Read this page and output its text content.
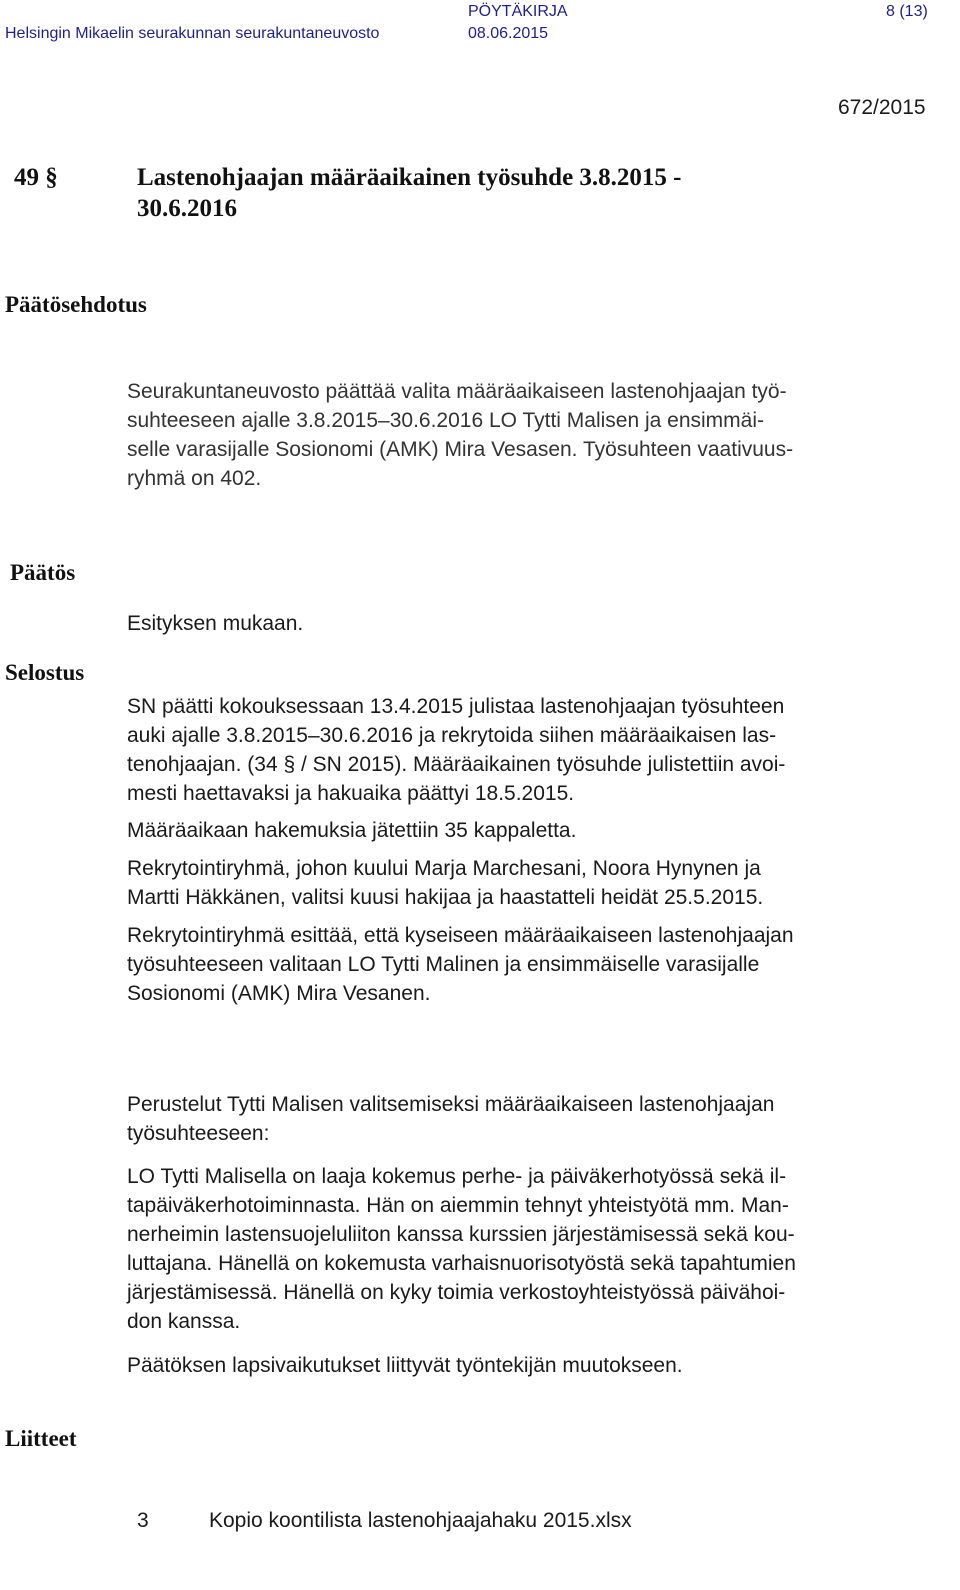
PÖYTÄKIRJA	8 (13)
Helsingin Mikaelin seurakunnan seurakuntaneuvosto	08.06.2015
672/2015
49 §	Lastenohjaajan määräaikainen työsuhde 3.8.2015 -
30.6.2016
Päätösehdotus
Päätös
Selostus
Liitteet
Seurakuntaneuvosto päättää valita määräaikaiseen lastenohjaajan työ-
suhteeseen ajalle 3.8.2015–30.6.2016 LO Tytti Malisen ja ensimmäi-
selle varasijalle Sosionomi (AMK) Mira Vesasen. Työsuhteen vaativuus-
ryhmä on 402.
Esityksen mukaan.
SN päätti kokouksessaan 13.4.2015 julistaa lastenohjaajan työsuhteen
auki ajalle 3.8.2015–30.6.2016 ja rekrytoida siihen määräaikaisen las-
tenohjaajan. (34 § / SN 2015). Määräaikainen työsuhde julistettiin avoi-
mesti haettavaksi ja hakuaika päättyi 18.5.2015.
Määräaikaan hakemuksia jätettiin 35 kappaletta.
Rekrytointiryhmä, johon kuului Marja Marchesani, Noora Hynynen ja
Martti Häkkänen, valitsi kuusi hakijaa ja haastatteli heidät 25.5.2015.
Rekrytointiryhmä esittää, että kyseiseen määräaikaiseen lastenohjaajan
työsuhteeseen valitaan LO Tytti Malinen ja ensimmäiselle varasijalle
Sosionomi (AMK) Mira Vesanen.
Perustelut Tytti Malisen valitsemiseksi määräaikaiseen lastenohjaajan
työsuhteeseen:
LO Tytti Malisella on laaja kokemus perhe- ja päiväkerhotyössä sekä il-
tapäiväkerhotoiminnasta. Hän on aiemmin tehnyt yhteistyötä mm. Man-
nerheimin lastensuojeluliiton kanssa kurssien järjestämisessä sekä kou-
luttajana. Hänellä on kokemusta varhaisnuorisotyöstä sekä tapahtumien
järjestämisessä. Hänellä on kyky toimia verkostoyhteistyössä päivähoi-
don kanssa.
Päätöksen lapsivaikutukset liittyvät työntekijän muutokseen.
3	Kopio koontilista lastenohjaajahaku 2015.xlsx
